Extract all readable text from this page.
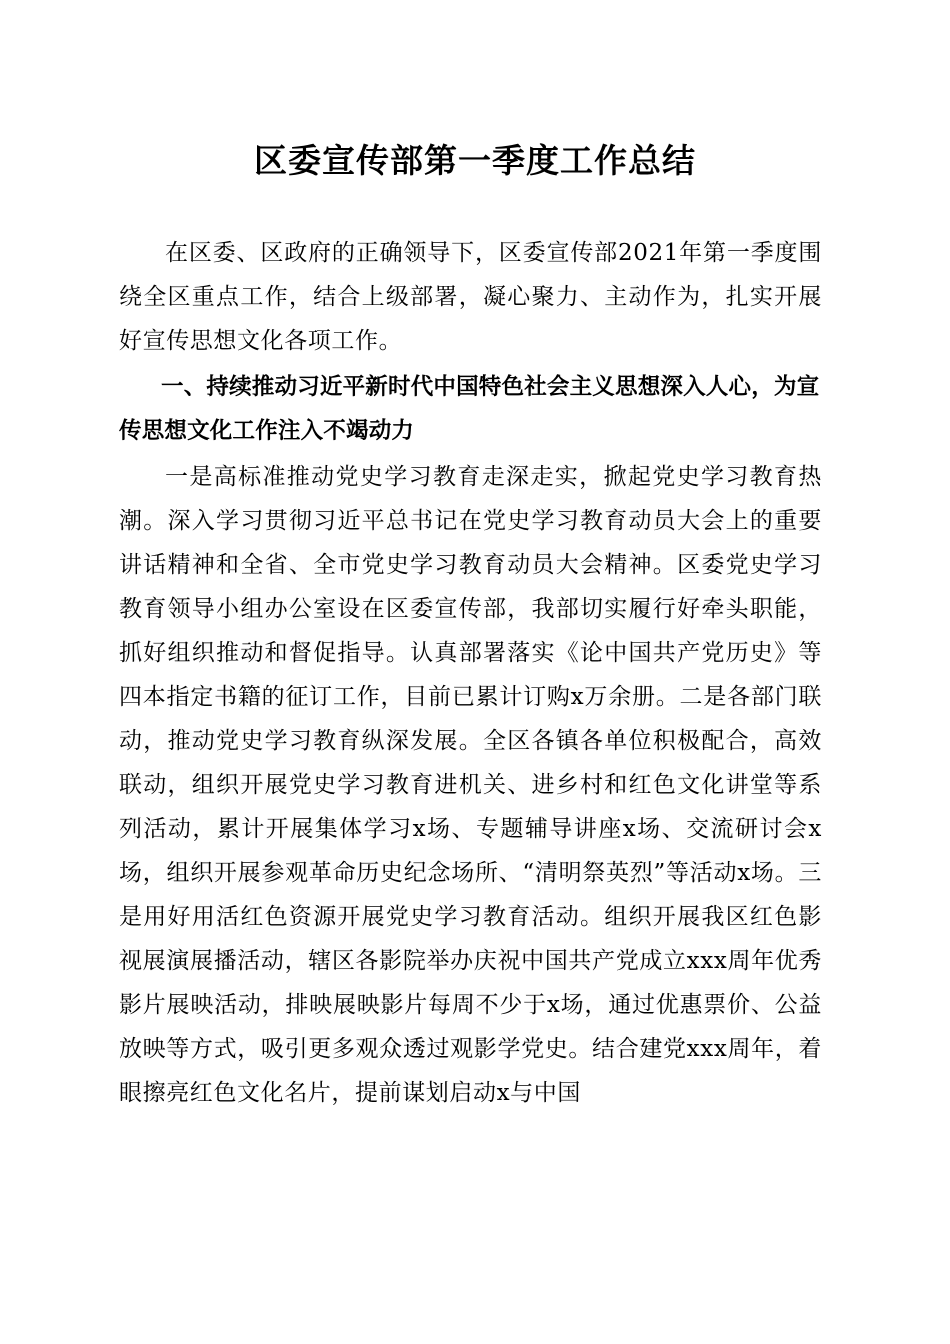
区委宣传部第一季度工作总结

在区委、区政府的正确领导下，区委宣传部2021年第一季度围绕全区重点工作，结合上级部署，凝心聚力、主动作为，扎实开展好宣传思想文化各项工作。

一、持续推动习近平新时代中国特色社会主义思想深入人心，为宣传思想文化工作注入不竭动力

一是高标准推动党史学习教育走深走实，掀起党史学习教育热潮。深入学习贯彻习近平总书记在党史学习教育动员大会上的重要讲话精神和全省、全市党史学习教育动员大会精神。区委党史学习教育领导小组办公室设在区委宣传部，我部切实履行好牵头职能，抓好组织推动和督促指导。认真部署落实《论中国共产党历史》等四本指定书籍的征订工作，目前已累计订购x万余册。二是各部门联动，推动党史学习教育纵深发展。全区各镇各单位积极配合，高效联动，组织开展党史学习教育进机关、进乡村和红色文化讲堂等系列活动，累计开展集体学习x场、专题辅导讲座x场、交流研讨会x场，组织开展参观革命历史纪念场所、“清明祭英烈”等活动x场。三是用好用活红色资源开展党史学习教育活动。组织开展我区红色影视展演展播活动，辖区各影院举办庆祝中国共产党成立xxx周年优秀影片展映活动，排映展映影片每周不少于x场，通过优惠票价、公益放映等方式，吸引更多观众透过观影学党史。结合建党xxx周年，着眼擦亮红色文化名片，提前谋划启动x与中国
